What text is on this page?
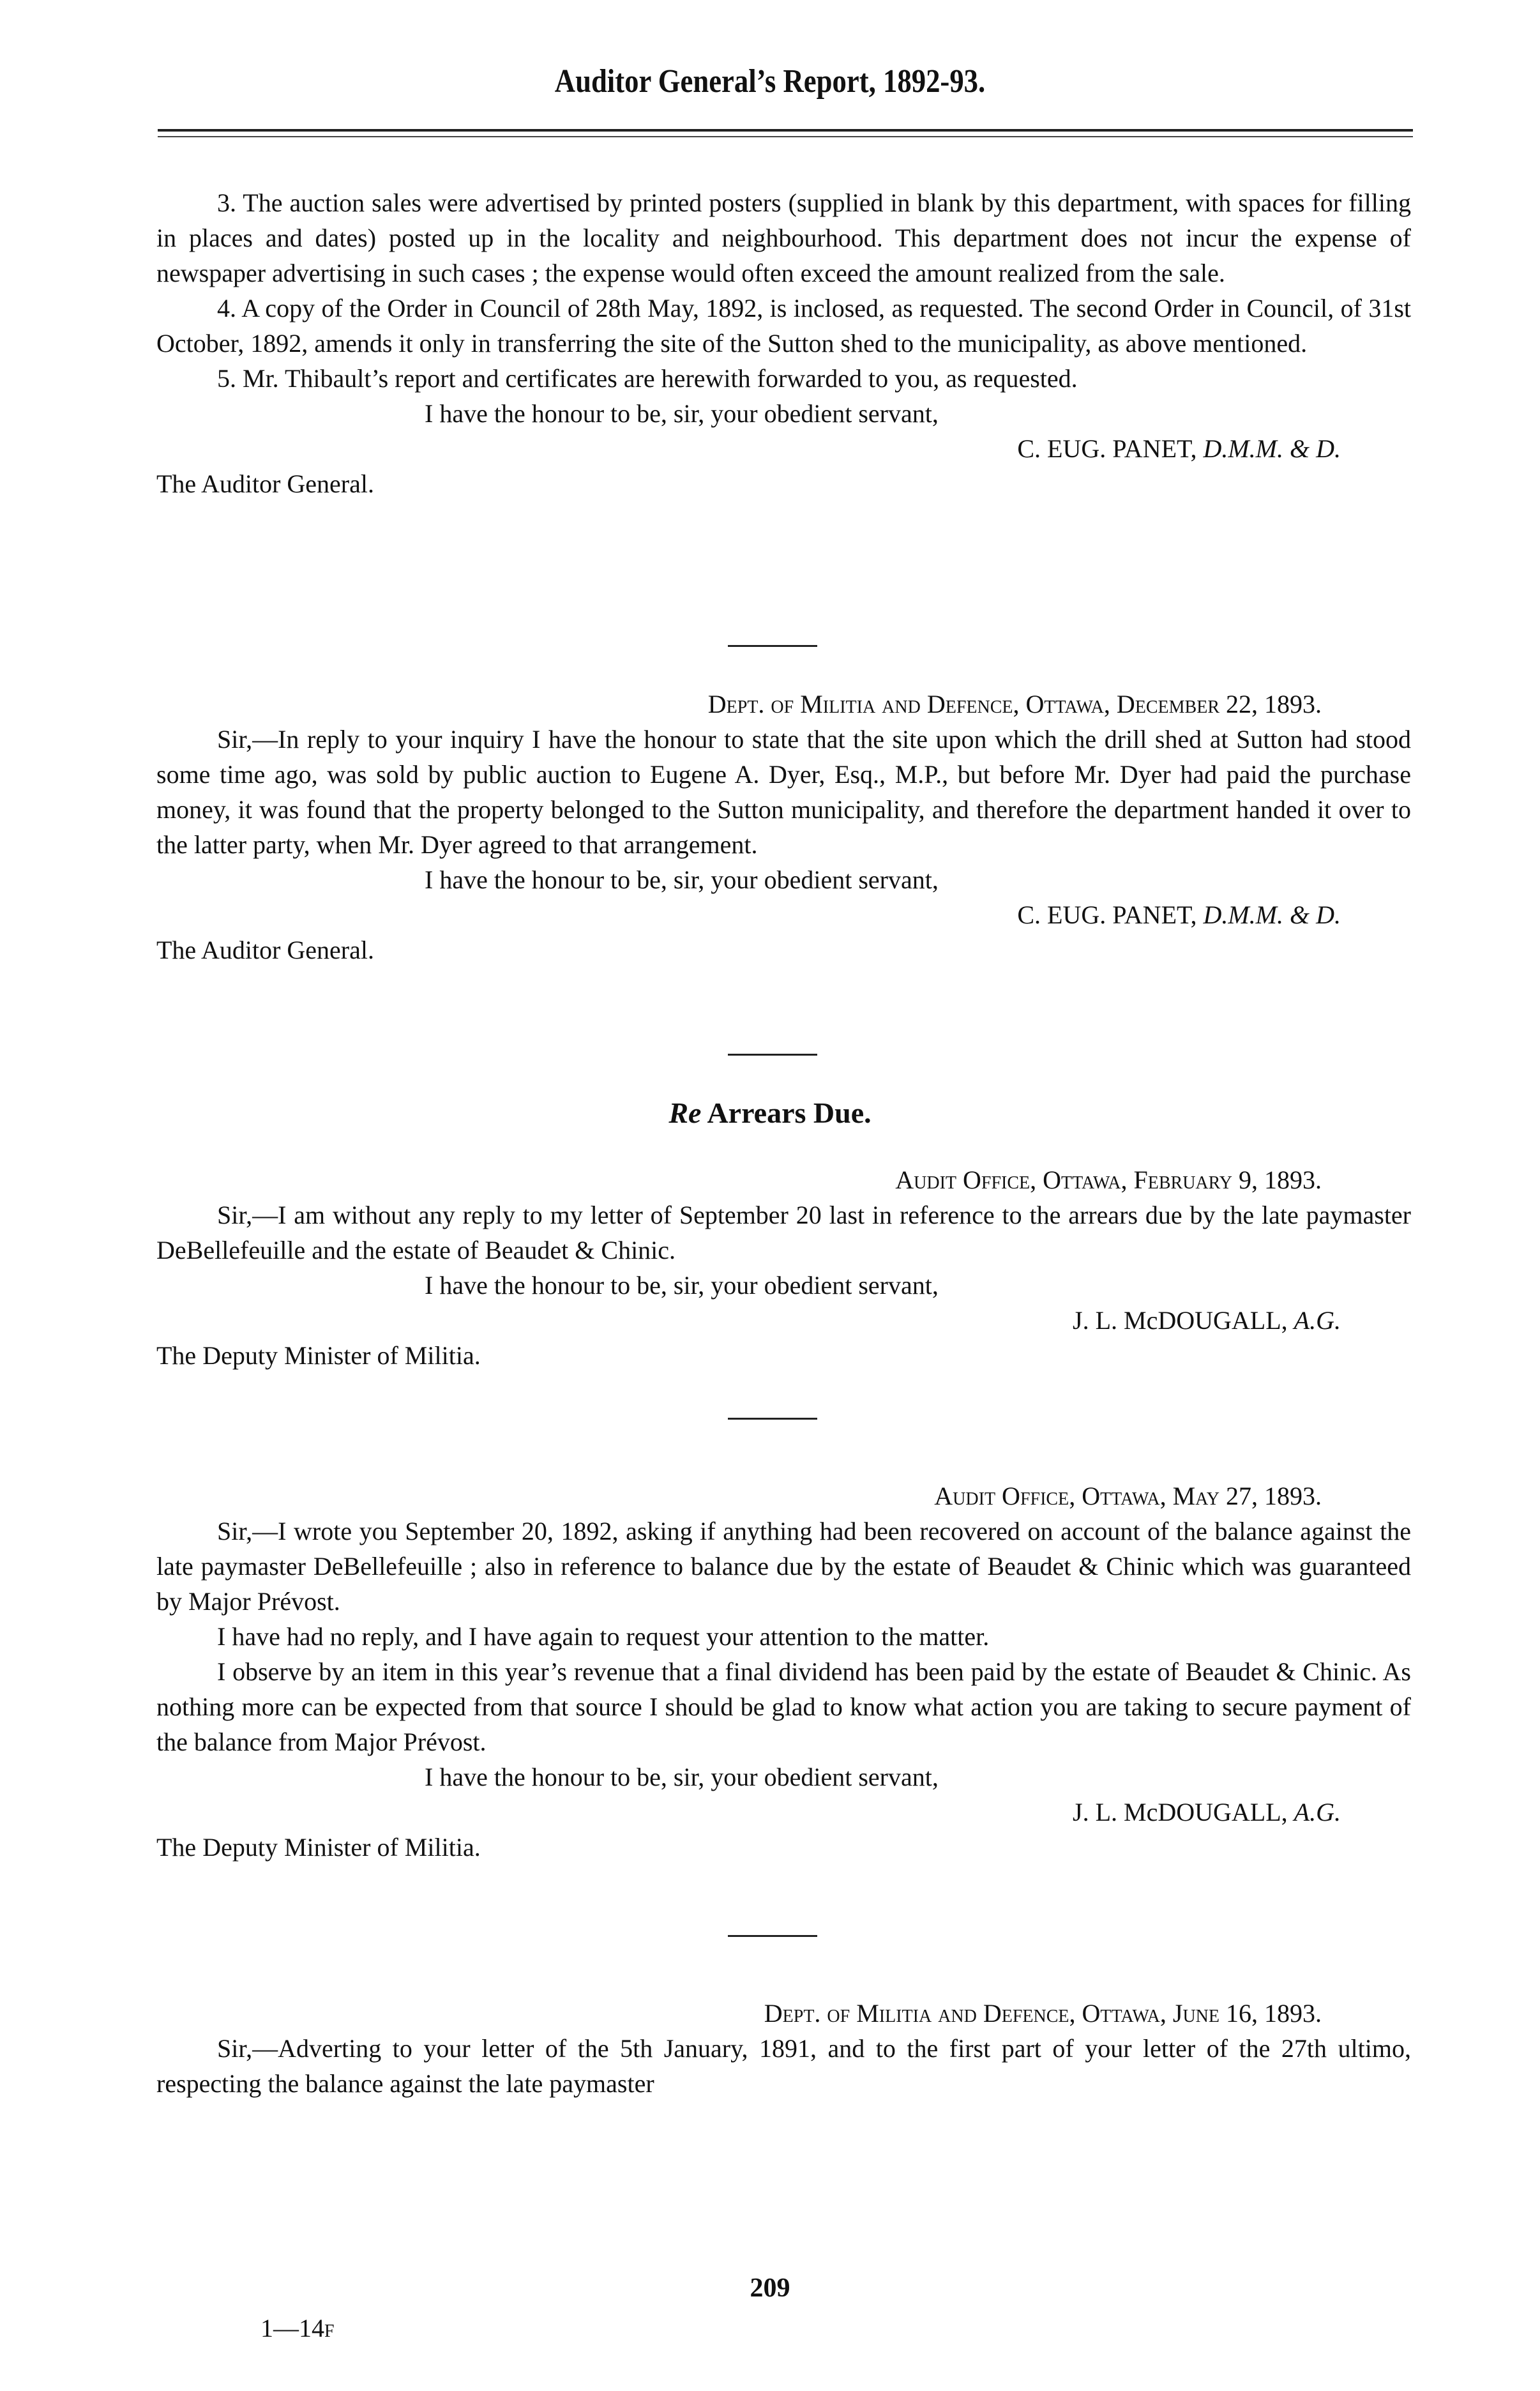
Auditor General’s Report, 1892-93.

3. The auction sales were advertised by printed posters (supplied in blank by this department, with spaces for filling in places and dates) posted up in the locality and neighbourhood. This department does not incur the expense of newspaper advertising in such cases ; the expense would often exceed the amount realized from the sale.

4. A copy of the Order in Council of 28th May, 1892, is inclosed, as requested. The second Order in Council, of 31st October, 1892, amends it only in transferring the site of the Sutton shed to the municipality, as above mentioned.

5. Mr. Thibault’s report and certificates are herewith forwarded to you, as requested.

I have the honour to be, sir, your obedient servant,

C. EUG. PANET, D.M.M. & D.

The Auditor General.

Dept. of Militia and Defence, Ottawa, December 22, 1893.

Sir,—In reply to your inquiry I have the honour to state that the site upon which the drill shed at Sutton had stood some time ago, was sold by public auction to Eugene A. Dyer, Esq., M.P., but before Mr. Dyer had paid the purchase money, it was found that the property belonged to the Sutton municipality, and therefore the department handed it over to the latter party, when Mr. Dyer agreed to that arrangement.

I have the honour to be, sir, your obedient servant,

C. EUG. PANET, D.M.M. & D.

The Auditor General.

Re Arrears Due.

Audit Office, Ottawa, February 9, 1893.

Sir,—I am without any reply to my letter of September 20 last in reference to the arrears due by the late paymaster DeBellefeuille and the estate of Beaudet & Chinic.

I have the honour to be, sir, your obedient servant,

J. L. McDOUGALL, A.G.

The Deputy Minister of Militia.

Audit Office, Ottawa, May 27, 1893.

Sir,—I wrote you September 20, 1892, asking if anything had been recovered on account of the balance against the late paymaster DeBellefeuille ; also in reference to balance due by the estate of Beaudet & Chinic which was guaranteed by Major Prévost.

I have had no reply, and I have again to request your attention to the matter.

I observe by an item in this year’s revenue that a final dividend has been paid by the estate of Beaudet & Chinic. As nothing more can be expected from that source I should be glad to know what action you are taking to secure payment of the balance from Major Prévost.

I have the honour to be, sir, your obedient servant,

J. L. McDOUGALL, A.G.

The Deputy Minister of Militia.

Dept. of Militia and Defence, Ottawa, June 16, 1893.

Sir,—Adverting to your letter of the 5th January, 1891, and to the first part of your letter of the 27th ultimo, respecting the balance against the late paymaster

209
1—14f
